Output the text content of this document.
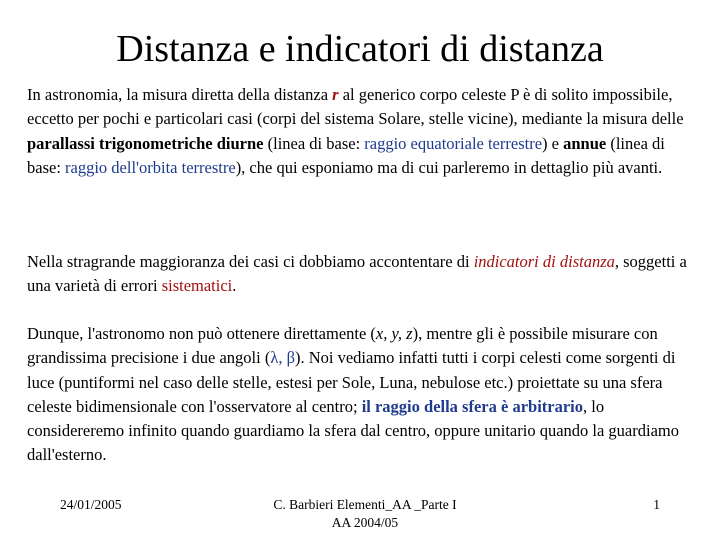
Distanza e indicatori di distanza
In astronomia, la misura diretta della distanza r al generico corpo celeste P è di solito impossibile, eccetto per pochi e particolari casi (corpi del sistema Solare, stelle vicine), mediante la misura delle parallassi trigonometriche diurne (linea di base: raggio equatoriale terrestre) e annue (linea di base: raggio dell'orbita terrestre), che qui esponiamo ma di cui parleremo in dettaglio più avanti.
Nella stragrande maggioranza dei casi ci dobbiamo accontentare di indicatori di distanza, soggetti a una varietà di errori sistematici.
Dunque, l'astronomo non può ottenere direttamente (x, y, z), mentre gli è possibile misurare con grandissima precisione i due angoli (λ, β). Noi vediamo infatti tutti i corpi celesti come sorgenti di luce (puntiformi nel caso delle stelle, estesi per Sole, Luna, nebulose etc.) proiettate su una sfera celeste bidimensionale con l'osservatore al centro; il raggio della sfera è arbitrario, lo considereremo infinito quando guardiamo la sfera dal centro, oppure unitario quando la guardiamo dall'esterno.
24/01/2005	C. Barbieri Elementi_AA _Parte I
AA 2004/05
1
